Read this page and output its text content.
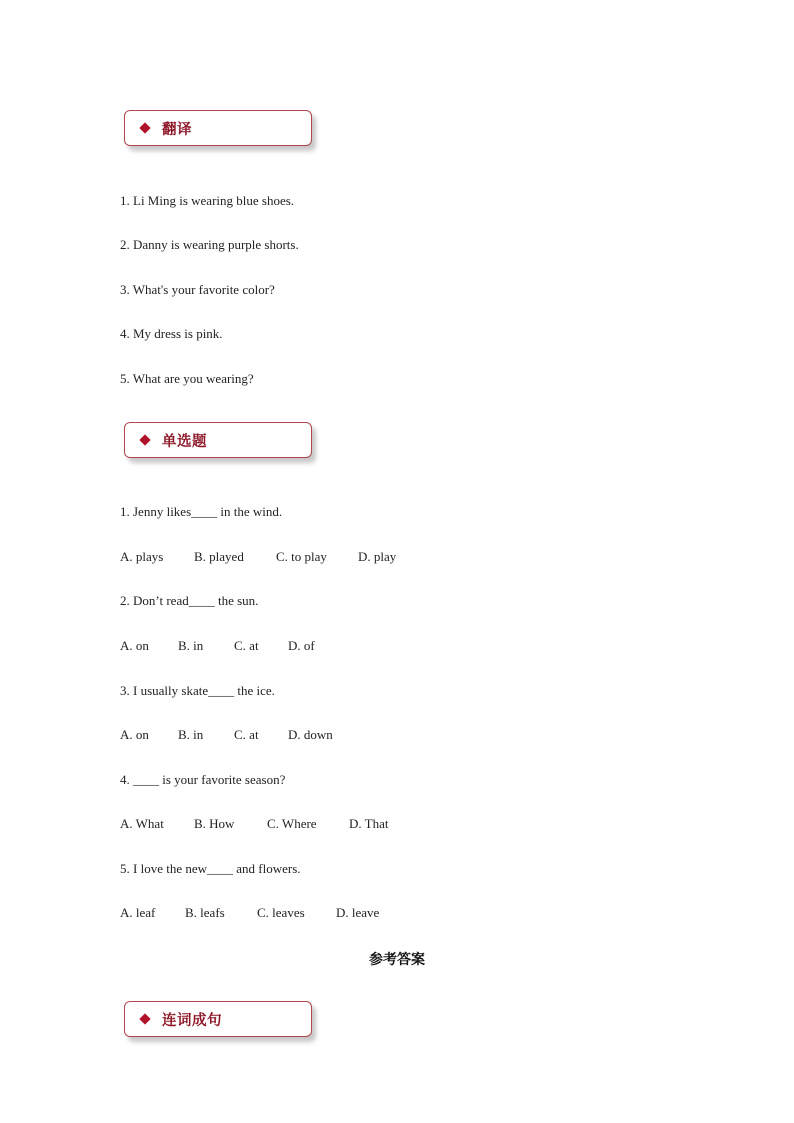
翻译
1. Li Ming is wearing blue shoes.
2. Danny is wearing purple shorts.
3. What's your favorite color?
4. My dress is pink.
5. What are you wearing?
单选题
1. Jenny likes____ in the wind.
A. plays	B. played	C. to play	D. play
2. Don’t read____ the sun.
A. on	B. in	C. at	D. of
3. I usually skate____ the ice.
A. on	B. in	C. at	D. down
4. ____ is your favorite season?
A. What	B. How	C. Where	D. That
5. I love the new____ and flowers.
A. leaf	B. leafs	C. leaves	D. leave
参考答案
连词成句
